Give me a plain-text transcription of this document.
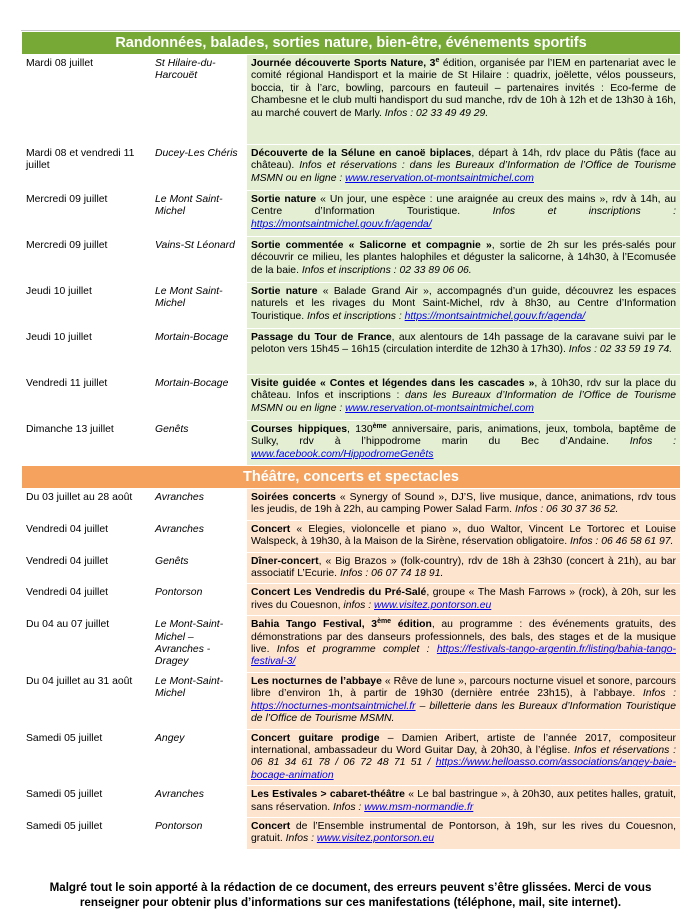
Randonnées, balades, sorties nature, bien-être, événements sportifs		
Mardi 08 juillet	St Hilaire-du-Harcouët	Journée découverte Sports Nature, 3e édition, organisée par l’IEM en partenariat avec le comité régional Handisport et la mairie de St Hilaire : quadrix, joëlette, vélos pousseurs, boccia, tir à l’arc, bowling, parcours en fauteuil – partenaires invités : Eco-ferme de Chambesne et le club multi handisport du sud manche, rdv de 10h à 12h et de 13h30 à 16h, au marché couvert de Marly. Infos : 02 33 49 49 29.
Mardi 08 et vendredi 11 juillet	Ducey-Les Chéris	Découverte de la Sélune en canoë biplaces, départ à 14h, rdv place du Pâtis (face au château). Infos et réservations : dans les Bureaux d’Information de l’Office de Tourisme MSMN ou en ligne : www.reservation.ot-montsaintmichel.com
Mercredi 09 juillet	Le Mont Saint-Michel	Sortie nature « Un jour, une espèce : une araignée au creux des mains », rdv à 14h, au Centre d’Information Touristique. Infos et inscriptions : https://montsaintmichel.gouv.fr/agenda/
Mercredi 09 juillet	Vains-St Léonard	Sortie commentée « Salicorne et compagnie », sortie de 2h sur les prés-salés pour découvrir ce milieu, les plantes halophiles et déguster la salicorne, à 14h30, à l’Ecomusée de la baie. Infos et inscriptions : 02 33 89 06 06.
Jeudi 10 juillet	Le Mont Saint-Michel	Sortie nature « Balade Grand Air », accompagnés d’un guide, découvrez les espaces naturels et les rivages du Mont Saint-Michel, rdv à 8h30, au Centre d’Information Touristique. Infos et inscriptions : https://montsaintmichel.gouv.fr/agenda/
Jeudi 10 juillet	Mortain-Bocage	Passage du Tour de France, aux alentours de 14h passage de la caravane suivi par le peloton vers 15h45 – 16h15 (circulation interdite de 12h30 à 17h30). Infos : 02 33 59 19 74.
Vendredi 11 juillet	Mortain-Bocage	Visite guidée « Contes et légendes dans les cascades », à 10h30, rdv sur la place du château. Infos et inscriptions : dans les Bureaux d’Information de l’Office de Tourisme MSMN ou en ligne : www.reservation.ot-montsaintmichel.com
Dimanche 13 juillet	Genêts	Courses hippiques, 130ème anniversaire, paris, animations, jeux, tombola, baptême de Sulky, rdv à l’hippodrome marin du Bec d’Andaine. Infos : www.facebook.com/HippodromeGenêts
Théâtre, concerts et spectacles		
Du 03 juillet au 28 août	Avranches	Soirées concerts « Synergy of Sound », DJ’S, live musique, dance, animations, rdv tous les jeudis, de 19h à 22h, au camping Power Salad Farm. Infos : 06 30 37 36 52.
Vendredi 04 juillet	Avranches	Concert « Elegies, violoncelle et piano », duo Waltor, Vincent Le Tortorec et Louise Walspeck, à 19h30, à la Maison de la Sirène, réservation obligatoire. Infos : 06 46 58 61 97.
Vendredi 04 juillet	Genêts	Dîner-concert, « Big Brazos » (folk-country), rdv de 18h à 23h30 (concert à 21h), au bar associatif L’Ecurie. Infos : 06 07 74 18 91.
Vendredi 04 juillet	Pontorson	Concert Les Vendredis du Pré-Salé, groupe « The Mash Farrows » (rock), à 20h, sur les rives du Couesnon, infos : www.visitez.pontorson.eu
Du 04 au 07 juillet	Le Mont-Saint-Michel – Avranches - Dragey	Bahia Tango Festival, 3ème édition, au programme : des événements gratuits, des démonstrations par des danseurs professionnels, des bals, des stages et de la musique live. Infos et programme complet : https://festivals-tango-argentin.fr/listing/bahia-tango-festival-3/
Du 04 juillet au 31 août	Le Mont-Saint-Michel	Les nocturnes de l’abbaye « Rêve de lune », parcours nocturne visuel et sonore, parcours libre d’environ 1h, à partir de 19h30 (dernière entrée 23h15), à l’abbaye. Infos : https://nocturnes-montsaintmichel.fr – billetterie dans les Bureaux d’Information Touristique de l’Office de Tourisme MSMN.
Samedi 05 juillet	Angey	Concert guitare prodige – Damien Aribert, artiste de l’année 2017, compositeur international, ambassadeur du Word Guitar Day, à 20h30, à l’église. Infos et réservations : 06 81 34 61 78 / 06 72 48 71 51 / https://www.helloasso.com/associations/angey-baie-bocage-animation
Samedi 05 juillet	Avranches	Les Estivales > cabaret-théâtre « Le bal bastringue », à 20h30, aux petites halles, gratuit, sans réservation. Infos : www.msm-normandie.fr
Samedi 05 juillet	Pontorson	Concert de l’Ensemble instrumental de Pontorson, à 19h, sur les rives du Couesnon, gratuit. Infos : www.visitez.pontorson.eu
Malgré tout le soin apporté à la rédaction de ce document, des erreurs peuvent s’être glissées. Merci de vous renseigner pour obtenir plus d’informations sur ces manifestations (téléphone, mail, site internet).
